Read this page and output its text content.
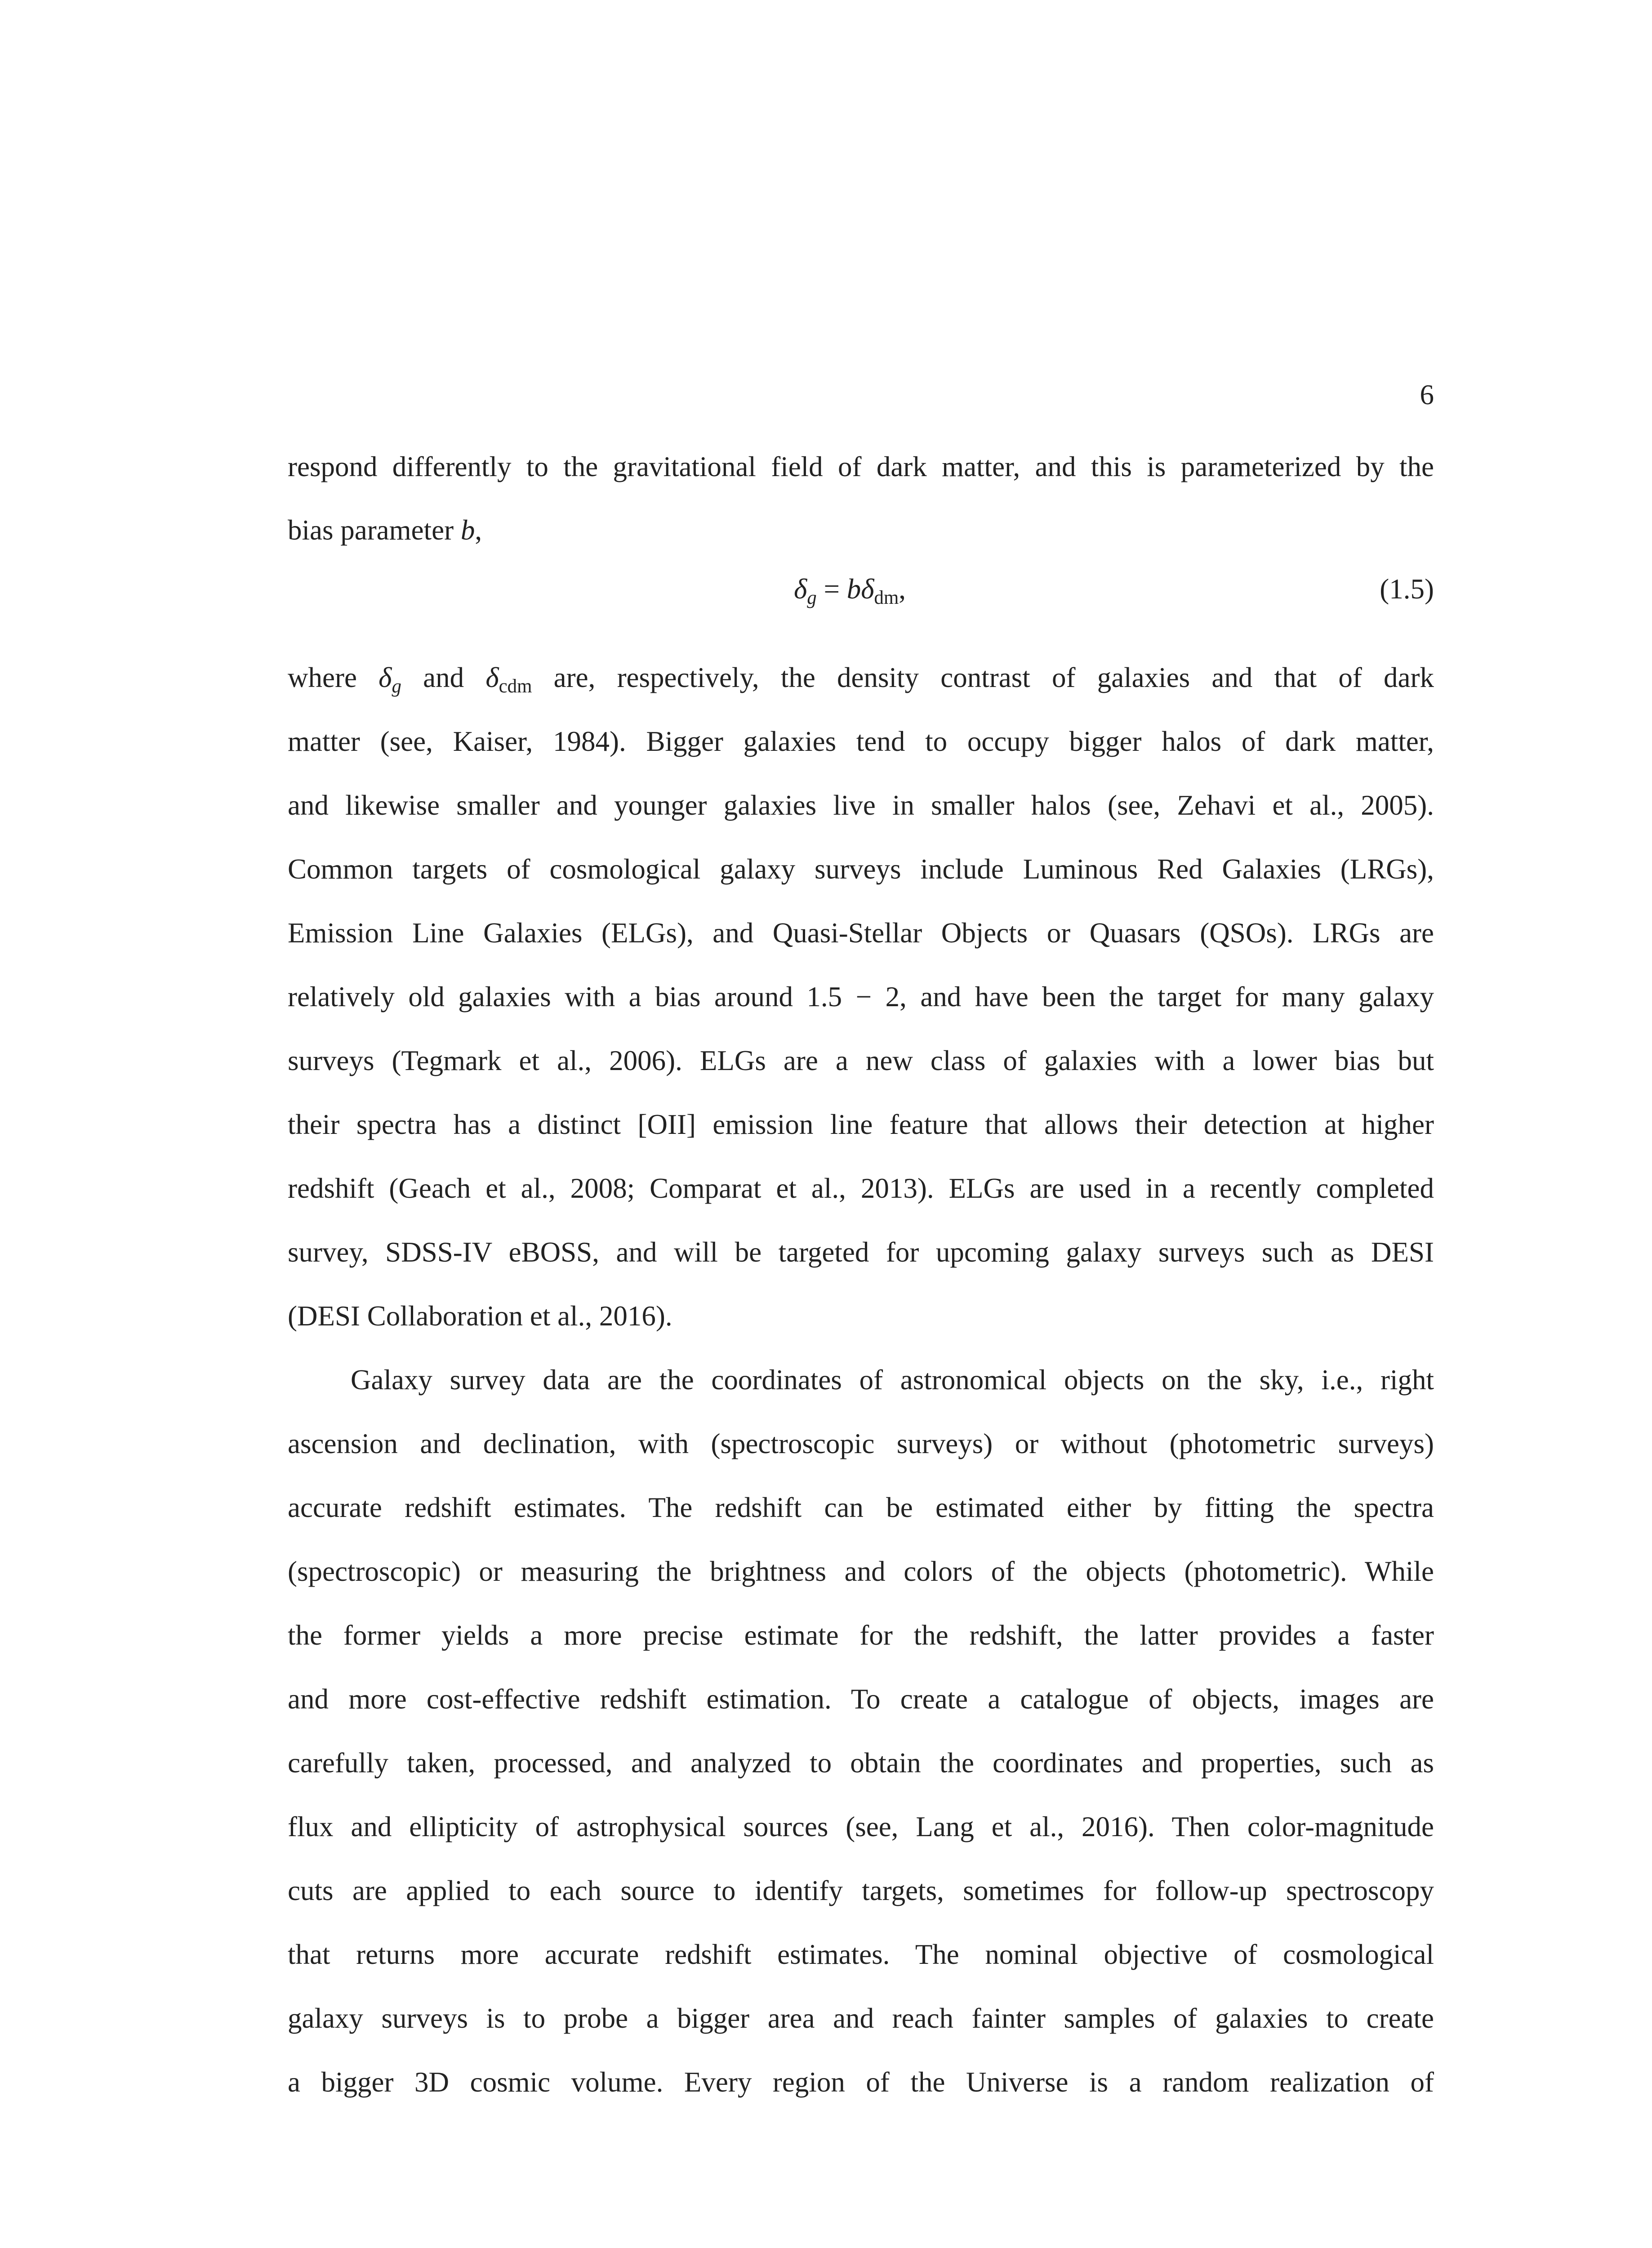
6
respond differently to the gravitational field of dark matter, and this is parameterized by the
bias parameter b,
$\delta_g = b\delta_{dm}$,	(1.5)
where $\delta_g$ and $\delta_{cdm}$ are, respectively, the density contrast of galaxies and that of dark
matter (see, Kaiser, 1984). Bigger galaxies tend to occupy bigger halos of dark matter,
and likewise smaller and younger galaxies live in smaller halos (see, Zehavi et al., 2005).
Common targets of cosmological galaxy surveys include Luminous Red Galaxies (LRGs),
Emission Line Galaxies (ELGs), and Quasi-Stellar Objects or Quasars (QSOs). LRGs are
relatively old galaxies with a bias around 1.5 − 2, and have been the target for many galaxy
surveys (Tegmark et al., 2006). ELGs are a new class of galaxies with a lower bias but
their spectra has a distinct [OII] emission line feature that allows their detection at higher
redshift (Geach et al., 2008; Comparat et al., 2013). ELGs are used in a recently completed
survey, SDSS-IV eBOSS, and will be targeted for upcoming galaxy surveys such as DESI
(DESI Collaboration et al., 2016).
Galaxy survey data are the coordinates of astronomical objects on the sky, i.e., right
ascension and declination, with (spectroscopic surveys) or without (photometric surveys)
accurate redshift estimates. The redshift can be estimated either by fitting the spectra
(spectroscopic) or measuring the brightness and colors of the objects (photometric). While
the former yields a more precise estimate for the redshift, the latter provides a faster
and more cost-effective redshift estimation. To create a catalogue of objects, images are
carefully taken, processed, and analyzed to obtain the coordinates and properties, such as
flux and ellipticity of astrophysical sources (see, Lang et al., 2016). Then color-magnitude
cuts are applied to each source to identify targets, sometimes for follow-up spectroscopy
that returns more accurate redshift estimates. The nominal objective of cosmological
galaxy surveys is to probe a bigger area and reach fainter samples of galaxies to create
a bigger 3D cosmic volume. Every region of the Universe is a random realization of
